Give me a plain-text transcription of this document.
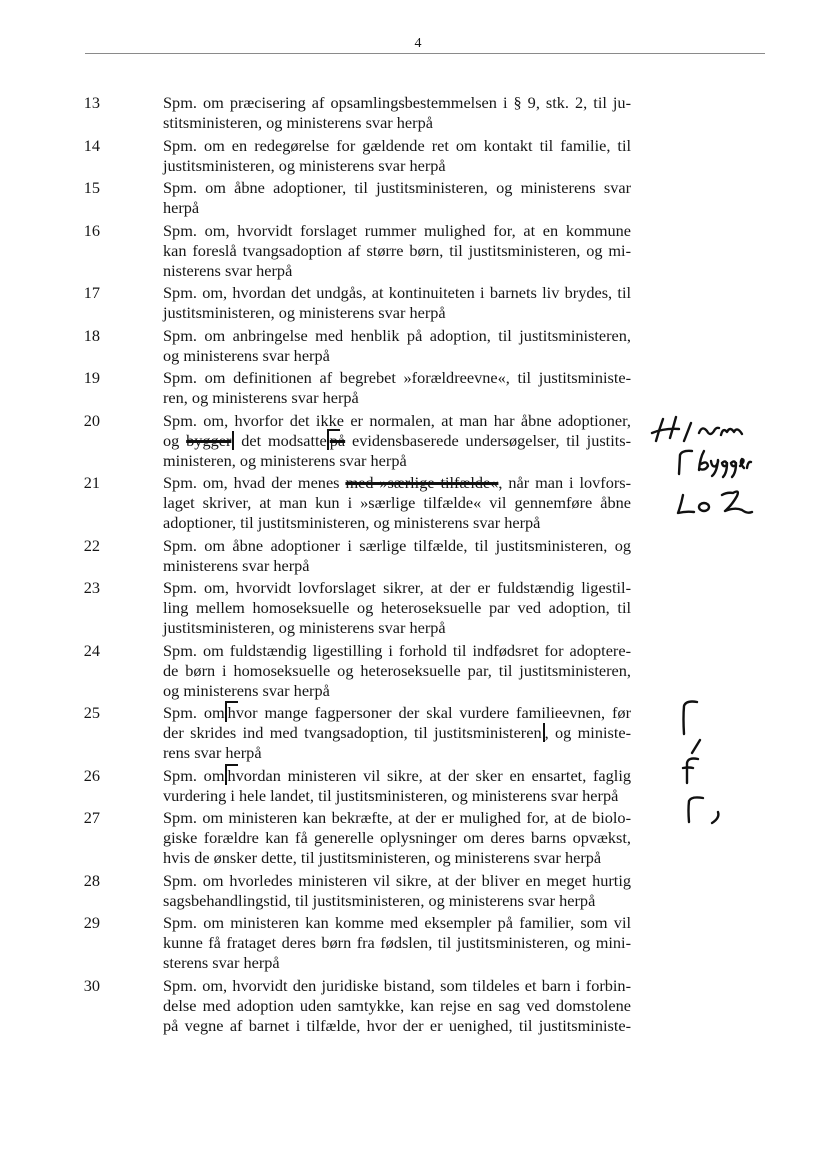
4
13	Spm. om præcisering af opsamlingsbestemmelsen i § 9, stk. 2, til ju-
stitsministeren, og ministerens svar herpå
14	Spm. om en redegørelse for gældende ret om kontakt til familie, til
justitsministeren, og ministerens svar herpå
15	Spm. om åbne adoptioner, til justitsministeren, og ministerens svar
herpå
16	Spm. om, hvorvidt forslaget rummer mulighed for, at en kommune
kan foreslå tvangsadoption af større børn, til justitsministeren, og mi-
nisterens svar herpå
17	Spm. om, hvordan det undgås, at kontinuiteten i barnets liv brydes, til
justitsministeren, og ministerens svar herpå
18	Spm. om anbringelse med henblik på adoption, til justitsministeren,
og ministerens svar herpå
19	Spm. om definitionen af begrebet »forældreevne«, til justitsministe-
ren, og ministerens svar herpå
20	Spm. om, hvorfor det ikke er normalen, at man har åbne adoptioner,
og bygger det modsatte på evidensbaserede undersøgelser, til justits-
ministeren, og ministerens svar herpå
21	Spm. om, hvad der menes med »særlige tilfælde«, når man i lovfors-
laget skriver, at man kun i »særlige tilfælde« vil gennemføre åbne
adoptioner, til justitsministeren, og ministerens svar herpå
22	Spm. om åbne adoptioner i særlige tilfælde, til justitsministeren, og
ministerens svar herpå
23	Spm. om, hvorvidt lovforslaget sikrer, at der er fuldstændig ligestil-
ling mellem homoseksuelle og heteroseksuelle par ved adoption, til
justitsministeren, og ministerens svar herpå
24	Spm. om fuldstændig ligestilling i forhold til indfødsret for adoptere-
de børn i homoseksuelle og heteroseksuelle par, til justitsministeren,
og ministerens svar herpå
25	Spm. om hvor mange fagpersoner der skal vurdere familieevnen, før
der skrides ind med tvangsadoption, til justitsministeren , og ministe-
rens svar herpå
26	Spm. om hvordan ministeren vil sikre, at der sker en ensartet, faglig
vurdering i hele landet, til justitsministeren, og ministerens svar herpå
27	Spm. om ministeren kan bekræfte, at der er mulighed for, at de biolo-
giske forældre kan få generelle oplysninger om deres barns opvækst,
hvis de ønsker dette, til justitsministeren, og ministerens svar herpå
28	Spm. om hvorledes ministeren vil sikre, at der bliver en meget hurtig
sagsbehandlingstid, til justitsministeren, og ministerens svar herpå
29	Spm. om ministeren kan komme med eksempler på familier, som vil
kunne få frataget deres børn fra fødslen, til justitsministeren, og mini-
sterens svar herpå
30	Spm. om, hvorvidt den juridiske bistand, som tildeles et barn i forbin-
delse med adoption uden samtykke, kan rejse en sag ved domstolene
på vegne af barnet i tilfælde, hvor der er uenighed, til justitsministe-
